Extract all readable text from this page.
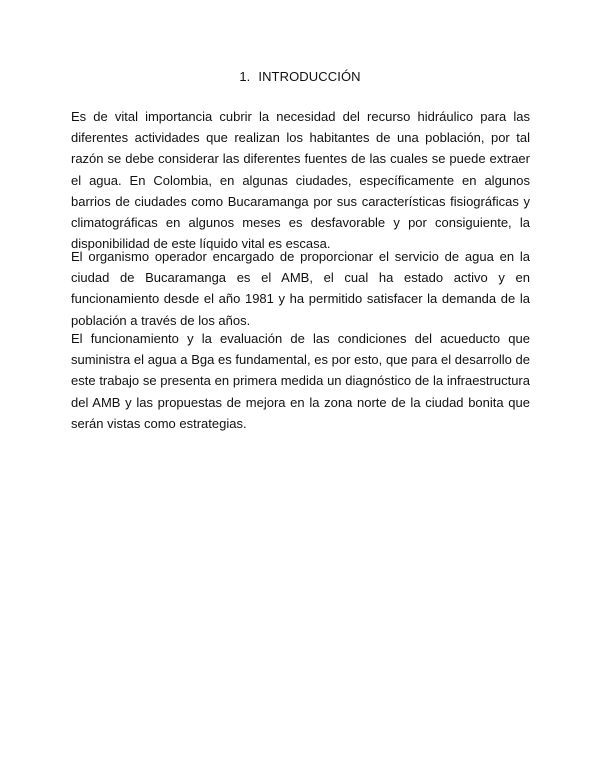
1. INTRODUCCIÓN

Es de vital importancia cubrir la necesidad del recurso hidráulico para las diferentes actividades que realizan los habitantes de una población, por tal razón se debe considerar las diferentes fuentes de las cuales se puede extraer el agua. En Colombia, en algunas ciudades, específicamente en algunos barrios de ciudades como Bucaramanga por sus características fisiográficas y climatográficas en algunos meses es desfavorable y por consiguiente, la disponibilidad de este líquido vital es escasa.

El organismo operador encargado de proporcionar el servicio de agua en la ciudad de Bucaramanga es el AMB, el cual ha estado activo y en funcionamiento desde el año 1981 y ha permitido satisfacer la demanda de la población a través de los años.

El funcionamiento y la evaluación de las condiciones del acueducto que suministra el agua a Bga es fundamental, es por esto, que para el desarrollo de este trabajo se presenta en primera medida un diagnóstico de la infraestructura del AMB y las propuestas de mejora en la zona norte de la ciudad bonita que serán vistas como estrategias.
